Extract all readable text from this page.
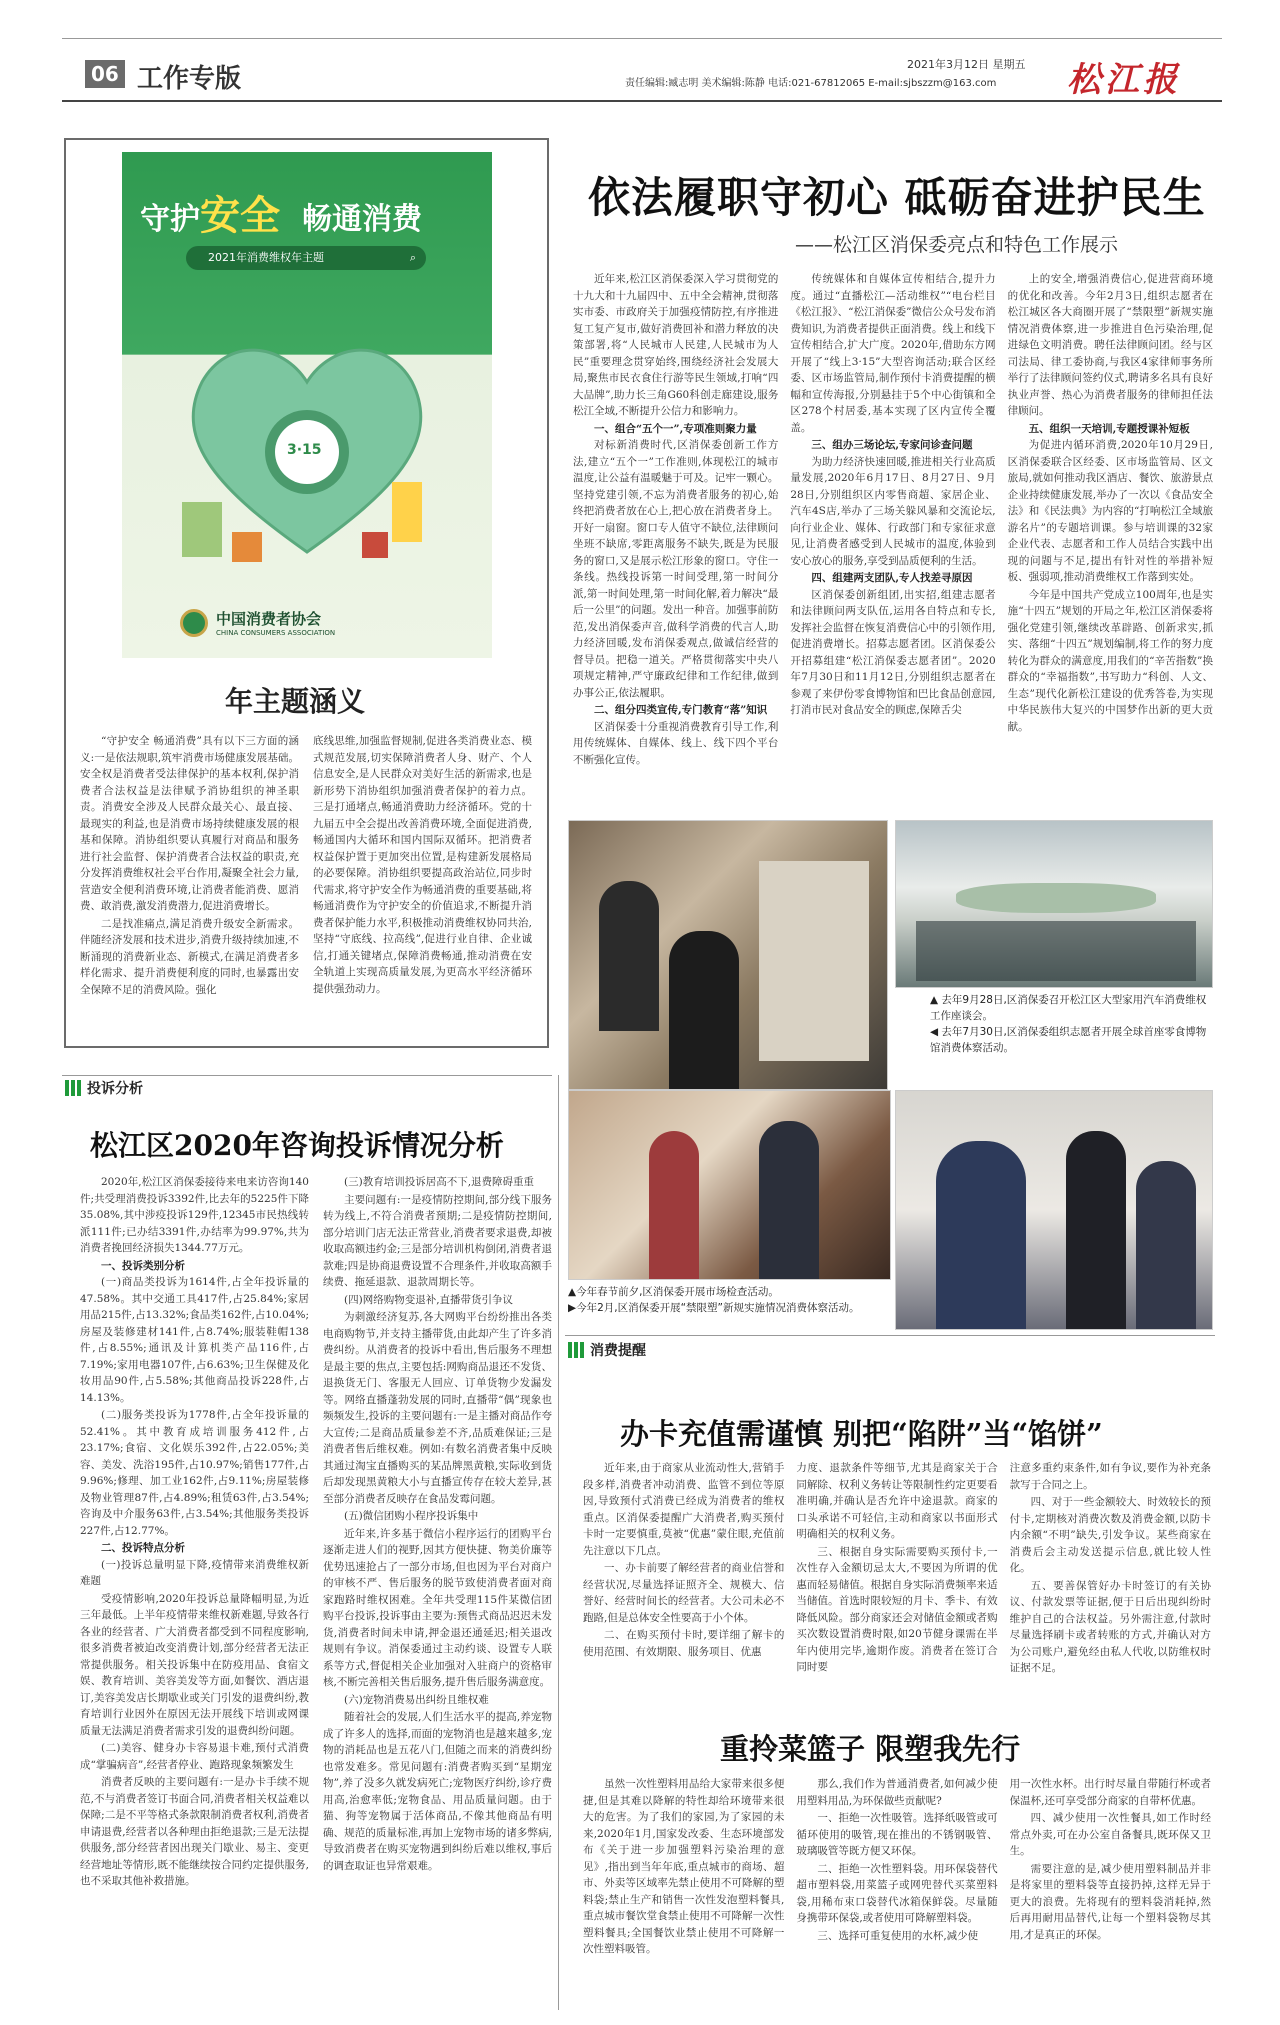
06 工作专版	2021年3月12日 星期五
责任编辑:臧志明 美术编辑:陈静 电话:021-67812065 E-mail:sjbszzm@163.com 松江报
守护安全 畅通消费
2021年消费维权年主题	⌕
3·15
中国消费者协会
CHINA CONSUMERS ASSOCIATION
年主题涵义

“守护安全 畅通消费”具有以下三方面的涵义:一是依法规职,筑牢消费市场健康发展基础。安全权是消费者受法律保护的基本权利,保护消费者合法权益是法律赋予消协组织的神圣职责。消费安全涉及人民群众最关心、最直接、最现实的利益,也是消费市场持续健康发展的根基和保障。消协组织要认真履行对商品和服务进行社会监督、保护消费者合法权益的职责,充分发挥消费维权社会平台作用,凝聚全社会力量,营造安全便利消费环境,让消费者能消费、愿消费、敢消费,激发消费潜力,促进消费增长。

二是找准痛点,满足消费升级安全新需求。伴随经济发展和技术进步,消费升级持续加速,不断涌现的消费新业态、新模式,在满足消费者多样化需求、提升消费便利度的同时,也暴露出安全保障不足的消费风险。强化

底线思维,加强监督规制,促进各类消费业态、模式规范发展,切实保障消费者人身、财产、个人信息安全,是人民群众对美好生活的新需求,也是新形势下消协组织加强消费者保护的着力点。三是打通堵点,畅通消费助力经济循环。党的十九届五中全会提出改善消费环境,全面促进消费,畅通国内大循环和国内国际双循环。把消费者权益保护置于更加突出位置,是构建新发展格局的必要保障。消协组织要提高政治站位,同步时代需求,将守护安全作为畅通消费的重要基础,将畅通消费作为守护安全的价值追求,不断提升消费者保护能力水平,积极推动消费维权协同共治,坚持“守底线、拉高线”,促进行业自律、企业诚信,打通关键堵点,保障消费畅通,推动消费在安全轨道上实现高质量发展,为更高水平经济循环提供强劲动力。

依法履职守初心 砥砺奋进护民生
——松江区消保委亮点和特色工作展示

近年来,松江区消保委深入学习贯彻党的十九大和十九届四中、五中全会精神,贯彻落实市委、市政府关于加强疫情防控,有序推进复工复产复市,做好消费回补和潜力释放的决策部署,将“人民城市人民建,人民城市为人民”重要理念贯穿始终,围绕经济社会发展大局,聚焦市民衣食住行游等民生领域,打响“四大品牌”,助力长三角G60科创走廊建设,服务松江全域,不断提升公信力和影响力。

一、组合“五个一”,专项准则聚力量

对标新消费时代,区消保委创新工作方法,建立“五个一”工作准则,体现松江的城市温度,让公益有温暖魅于可及。记牢一颗心。坚持党建引领,不忘为消费者服务的初心,始终把消费者放在心上,把心放在消费者身上。开好一扇窗。窗口专人值守不缺位,法律顾问坐班不缺席,零距离服务不缺失,既是为民服务的窗口,又是展示松江形象的窗口。守住一条线。热线投诉第一时间受理,第一时间分派,第一时间处理,第一时间化解,着力解决“最后一公里”的问题。发出一种音。加强事前防范,发出消保委声音,做科学消费的代言人,助力经济回暖,发布消保委观点,做诚信经营的督导员。把稳一道关。严格贯彻落实中央八项规定精神,严守廉政纪律和工作纪律,做到办事公正,依法履职。

二、组分四类宣传,专门教育“落”知识

区消保委十分重视消费教育引导工作,利用传统媒体、自媒体、线上、线下四个平台不断强化宣传。

传统媒体和自媒体宣传相结合,提升力度。通过“直播松江—活动维权”“电台栏目《松江报》、“松江消保委”微信公众号发布消费知识,为消费者提供正面消费。线上和线下宣传相结合,扩大广度。2020年,借助东方网开展了“线上3·15”大型咨询活动;联合区经委、区市场监管局,制作预付卡消费提醒的横幅和宣传海报,分别悬挂于5个中心街镇和全区278个村居委,基本实现了区内宣传全覆盖。

三、组办三场论坛,专家问诊查问题

为助力经济快速回暖,推进相关行业高质量发展,2020年6月17日、8月27日、9月28日,分别组织区内零售商超、家居企业、汽车4S店,举办了三场关躲风暴和交流论坛,向行业企业、媒体、行政部门和专家征求意见,让消费者感受到人民城市的温度,体验到安心放心的服务,享受到品质便利的生活。

四、组建两支团队,专人找差寻原因

区消保委创新组团,出实招,组建志愿者和法律顾问两支队伍,运用各自特点和专长,发挥社会监督在恢复消费信心中的引领作用,促进消费增长。招募志愿者团。区消保委公开招募组建“松江消保委志愿者团”。2020年7月30日和11月12日,分别组织志愿者在参观了来伊份零食博物馆和巴比食品创意园,打消市民对食品安全的顾虑,保障舌尖

上的安全,增强消费信心,促进营商环境的优化和改善。今年2月3日,组织志愿者在松江城区各大商圈开展了“禁限塑”新规实施情况消费体察,进一步推进自色污染治理,促进绿色文明消费。聘任法律顾问团。经与区司法局、律工委协商,与我区4家律师事务所举行了法律顾问签约仪式,聘请多名具有良好执业声誉、热心为消费者服务的律师担任法律顾问。

五、组织一天培训,专题授课补短板

为促进内循环消费,2020年10月29日,区消保委联合区经委、区市场监管局、区文旅局,就如何推动我区酒店、餐饮、旅游景点企业持续健康发展,举办了一次以《食品安全法》和《民法典》为内容的“打响松江全域旅游名片”的专题培训课。参与培训课的32家企业代表、志愿者和工作人员结合实践中出现的问题与不足,提出有针对性的举措补短板、强弱项,推动消费维权工作落到实处。

今年是中国共产党成立100周年,也是实施“十四五”规划的开局之年,松江区消保委将强化党建引领,继续改革辟路、创新求实,抓实、落细“十四五”规划编制,将工作的努力度转化为群众的满意度,用我们的“辛苦指数”换群众的“幸福指数”,书写助力“科创、人文、生态”现代化新松江建设的优秀答卷,为实现中华民族伟大复兴的中国梦作出新的更大贡献。

▲ 去年9月28日,区消保委召开松江区大型家用汽车消费维权工作座谈会。
◀ 去年7月30日,区消保委组织志愿者开展全球首座零食博物馆消费体察活动。
▲今年春节前夕,区消保委开展市场检查活动。
▶今年2月,区消保委开展“禁限塑”新规实施情况消费体察活动。
投诉分析
松江区2020年咨询投诉情况分析

2020年,松江区消保委接待来电来访咨询140件;共受理消费投诉3392件,比去年的5225件下降35.08%,其中涉疫投诉129件,12345市民热线转派111件;已办结3391件,办结率为99.97%,共为消费者挽回经济损失1344.77万元。

一、投诉类别分析

(一)商品类投诉为1614件,占全年投诉量的47.58%。其中交通工具417件,占25.84%;家居用品215件,占13.32%;食品类162件,占10.04%;房屋及装修建材141件,占8.74%;服装鞋帽138件,占8.55%;通讯及计算机类产品116件,占7.19%;家用电器107件,占6.63%;卫生保健及化妆用品90件,占5.58%;其他商品投诉228件,占14.13%。

(二)服务类投诉为1778件,占全年投诉量的52.41%。其中教育成培训服务412件,占23.17%;食宿、文化娱乐392件,占22.05%;美容、美发、洗浴195件,占10.97%;销售177件,占9.96%;修理、加工业162件,占9.11%;房屋装修及物业管理87件,占4.89%;租赁63件,占3.54%;咨询及中介服务63件,占3.54%;其他服务类投诉227件,占12.77%。

二、投诉特点分析

(一)投诉总量明显下降,疫情带来消费维权新难题

受疫情影响,2020年投诉总量降幅明显,为近三年最低。上半年疫情带来维权新难题,导致各行各业的经营者、广大消费者都受到不同程度影响,很多消费者被迫改变消费计划,部分经营者无法正常提供服务。相关投诉集中在防疫用品、食宿文娱、教育培训、美容美发等方面,如餐饮、酒店退订,美容美发店长期歇业或关门引发的退费纠纷,教育培训行业因外在原因无法开展线下培训或网课质量无法满足消费者需求引发的退费纠纷问题。

(二)美容、健身办卡容易退卡难,预付式消费成“掌骗病音”,经营者停业、跑路现象频繁发生

消费者反映的主要问题有:一是办卡手续不规范,不与消费者签订书面合同,消费者相关权益难以保障;二是不平等格式条款限制消费者权利,消费者申请退费,经营者以各种理由拒绝退款;三是无法提供服务,部分经营者因出现关门歇业、易主、变更经营地址等情形,既不能继续按合同约定提供服务,也不采取其他补救措施。

(三)教育培训投诉居高不下,退费障碍重重

主要问题有:一是疫情防控期间,部分线下服务转为线上,不符合消费者预期;二是疫情防控期间,部分培训门店无法正常营业,消费者要求退费,却被收取高额违约金;三是部分培训机构倒闭,消费者退款难;四是协商退费设置不合理条件,并收取高额手续费、拖延退款、退款周期长等。

(四)网络购物变退补,直播带货引争议

为刺激经济复苏,各大网购平台纷纷推出各类电商购物节,并支持主播带货,由此却产生了许多消费纠纷。从消费者的投诉中看出,售后服务不理想是最主要的焦点,主要包括:网购商品退还不发货、退换货无门、客服无人回应、订单货物少发漏发等。网络直播蓬勃发展的同时,直播带“偶”现象也频频发生,投诉的主要问题有:一是主播对商品作夸大宣传;二是商品质量参差不齐,品质难保证;三是消费者售后维权难。例如:有数名消费者集中反映其通过淘宝直播购买的某品牌黑黄粮,实际收到货后却发现黑黄粮大小与直播宣传存在较大差异,甚至部分消费者反映存在食品发霉问题。

(五)微信团购小程序投诉集中

近年来,许多基于微信小程序运行的团购平台逐渐走进人们的视野,因其方便快捷、物美价廉等优势迅速抢占了一部分市场,但也因为平台对商户的审核不严、售后服务的脱节致使消费者面对商家跑路时维权困难。全年共受理115件某微信团购平台投诉,投诉事由主要为:预售式商品迟迟未发货,消费者时间未申请,押金退还通延迟;相关退改规则有争议。消保委通过主动约谈、设置专人联系等方式,督促相关企业加强对入驻商户的资格审核,不断完善相关售后服务,提升售后服务满意度。

(六)宠物消费易出纠纷且维权难

随着社会的发展,人们生活水平的提高,养宠物成了许多人的选择,而面的宠物消也是越来越多,宠物的消耗品也是五花八门,但随之而来的消费纠纷也常发难多。常见问题有:消费者购买到“星期宠物”,养了没多久就发病死亡;宠物医疗纠纷,诊疗费用高,治愈率低;宠物食品、用品质量问题。由于猫、狗等宠物属于活体商品,不像其他商品有明确、规范的质量标准,再加上宠物市场的诸多弊病,导致消费者在购买宠物遇到纠纷后难以维权,事后的调查取证也异常艰难。

消费提醒
办卡充值需谨慎 别把“陷阱”当“馅饼”

近年来,由于商家从业流动性大,营销手段多样,消费者冲动消费、监管不到位等原因,导致预付式消费已经成为消费者的维权重点。区消保委提醒广大消费者,购买预付卡时一定要慎重,莫被“优惠”蒙住眼,充值前先注意以下几点。

一、办卡前要了解经营者的商业信誉和经营状况,尽量选择证照齐全、规模大、信誉好、经营时间长的经营者。大公司未必不跑路,但是总体安全性要高于小个体。

二、在购买预付卡时,要详细了解卡的使用范围、有效期限、服务项目、优惠

力度、退款条件等细节,尤其是商家关于合同解除、权利义务转让等限制性约定更要看准明确,并确认是否允许中途退款。商家的口头承诺不可轻信,主动和商家以书面形式明确相关的权利义务。

三、根据自身实际需要购买预付卡,一次性存入金额切忌太大,不要因为所谓的优惠而轻易储值。根据自身实际消费频率来适当储值。首选时限较短的月卡、季卡、有效降低风险。部分商家还会对储值金额或者购买次数设置消费时限,如20节健身课需在半年内使用完毕,逾期作废。消费者在签订合同时要

注意多重约束条件,如有争议,要作为补充条款写于合同之上。

四、对于一些金额较大、时效较长的预付卡,定期核对消费次数及消费金额,以防卡内余额“不明”缺失,引发争议。某些商家在消费后会主动发送提示信息,就比较人性化。

五、要善保管好办卡时签订的有关协议、付款发票等证据,便于日后出现纠纷时维护自己的合法权益。另外需注意,付款时尽量选择刷卡或者转账的方式,并确认对方为公司账户,避免经由私人代收,以防维权时证据不足。

重拎菜篮子 限塑我先行

虽然一次性塑料用品给大家带来很多便捷,但是其难以降解的特性却给环境带来很大的危害。为了我们的家园,为了家园的未来,2020年1月,国家发改委、生态环境部发布《关于进一步加强塑料污染治理的意见》,指出到当年年底,重点城市的商场、超市、外卖等区域率先禁止使用不可降解的塑料袋;禁止生产和销售一次性发泡塑料餐具,重点城市餐饮堂食禁止使用不可降解一次性塑料餐具;全国餐饮业禁止使用不可降解一次性塑料吸管。

那么,我们作为普通消费者,如何减少使用塑料用品,为环保做些贡献呢?

一、拒绝一次性吸管。选择纸吸管或可循环使用的吸管,现在推出的不锈钢吸管、玻璃吸管等既方便又环保。

二、拒绝一次性塑料袋。用环保袋替代超市塑料袋,用菜篮子或网兜替代买菜塑料袋,用稀布束口袋替代冰箱保鲜袋。尽量随身携带环保袋,或者使用可降解塑料袋。

三、选择可重复使用的水杯,减少使

用一次性水杯。出行时尽量自带随行杯或者保温杯,还可享受部分商家的自带杯优惠。

四、减少使用一次性餐具,如工作时经常点外卖,可在办公室自备餐具,既环保又卫生。

需要注意的是,减少使用塑料制品并非是将家里的塑料袋等直接扔掉,这样无异于更大的浪费。先将现有的塑料袋消耗掉,然后再用耐用品替代,让每一个塑料袋物尽其用,才是真正的环保。
